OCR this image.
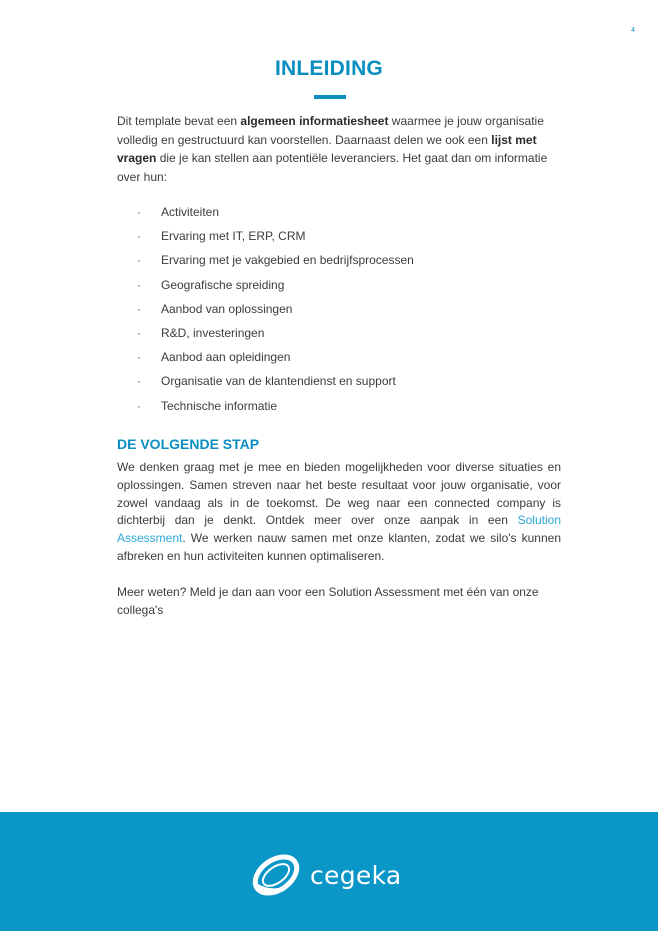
4
INLEIDING

Dit template bevat een algemeen informatiesheet waarmee je jouw organisatie volledig en gestructuurd kan voorstellen. Daarnaast delen we ook een lijst met vragen die je kan stellen aan potentiële leveranciers. Het gaat dan om informatie over hun:

· Activiteiten
· Ervaring met IT, ERP, CRM
· Ervaring met je vakgebied en bedrijfsprocessen
· Geografische spreiding
· Aanbod van oplossingen
· R&D, investeringen
· Aanbod aan opleidingen
· Organisatie van de klantendienst en support
· Technische informatie
DE VOLGENDE STAP

We denken graag met je mee en bieden mogelijkheden voor diverse situaties en oplossingen. Samen streven naar het beste resultaat voor jouw organisatie, voor zowel vandaag als in de toekomst. De weg naar een connected company is dichterbij dan je denkt. Ontdek meer over onze aanpak in een Solution Assessment. We werken nauw samen met onze klanten, zodat we silo's kunnen afbreken en hun activiteiten kunnen optimaliseren.

Meer weten? Meld je dan aan voor een Solution Assessment met één van onze collega's

cegeka
